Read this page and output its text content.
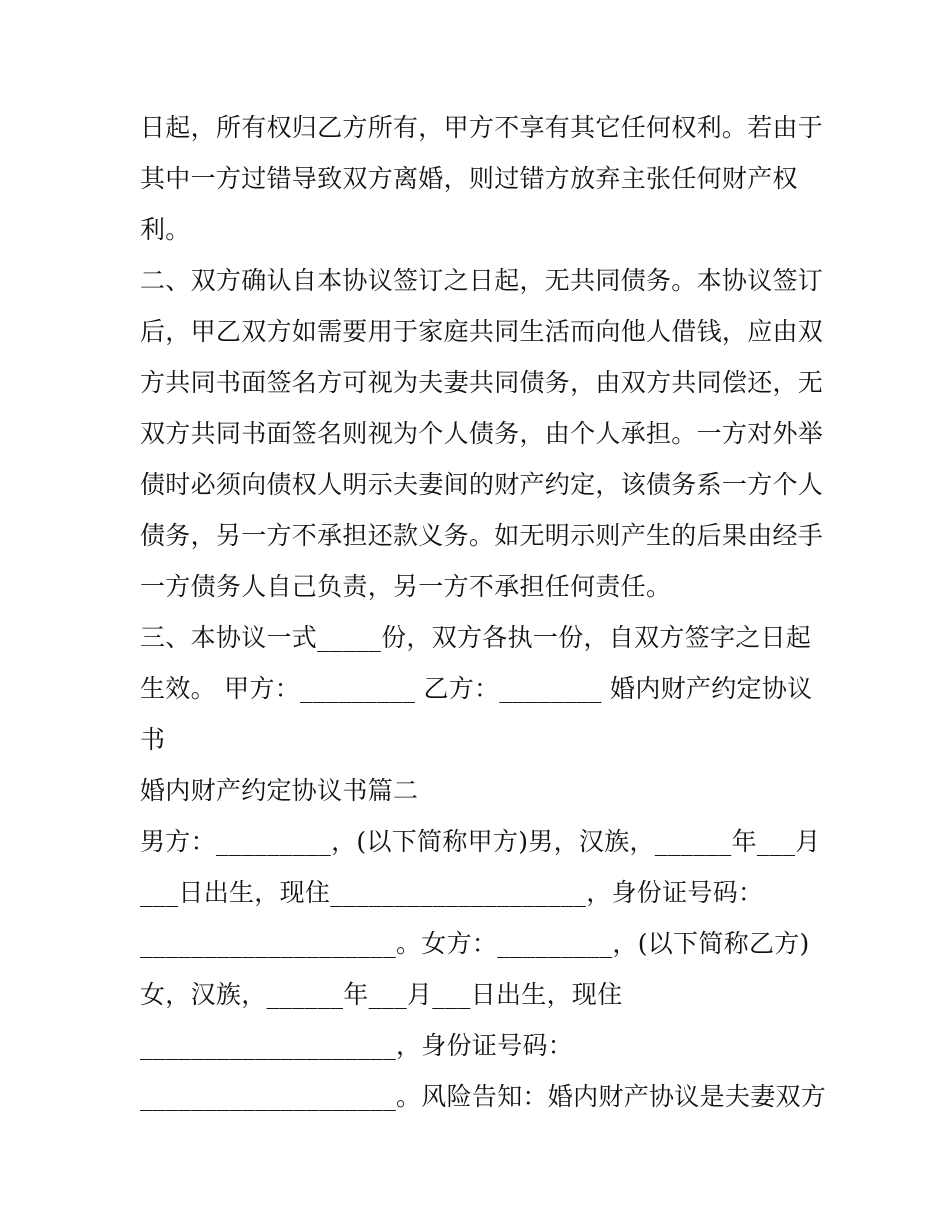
日起，所有权归乙方所有，甲方不享有其它任何权利。若由于
其中一方过错导致双方离婚，则过错方放弃主张任何财产权
利。
二、双方确认自本协议签订之日起，无共同债务。本协议签订
后，甲乙双方如需要用于家庭共同生活而向他人借钱，应由双
方共同书面签名方可视为夫妻共同债务，由双方共同偿还，无
双方共同书面签名则视为个人债务，由个人承担。一方对外举
债时必须向债权人明示夫妻间的财产约定，该债务系一方个人
债务，另一方不承担还款义务。如无明示则产生的后果由经手
一方债务人自己负责，另一方不承担任何责任。
三、本协议一式_____份，双方各执一份，自双方签字之日起
生效。 甲方：_________ 乙方：________ 婚内财产约定协议
书
婚内财产约定协议书篇二
男方：_________，(以下简称甲方)男，汉族，______年___月
___日出生，现住____________________，身份证号码：
____________________。女方：_________，(以下简称乙方)
女，汉族，______年___月___日出生，现住
____________________，身份证号码：
____________________。风险告知：婚内财产协议是夫妻双方
